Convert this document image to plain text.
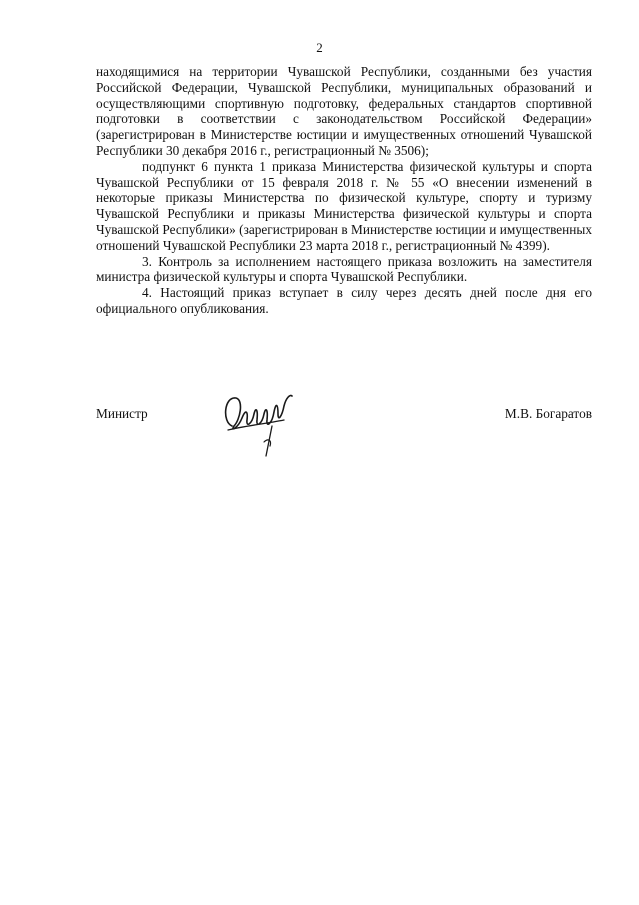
2

находящимися на территории Чувашской Республики, созданными без участия Российской Федерации, Чувашской Республики, муниципальных образований и осуществляющими спортивную подготовку, федеральных стандартов спортивной подготовки в соответствии с законодательством Российской Федерации» (зарегистрирован в Министерстве юстиции и имущественных отношений Чувашской Республики 30 декабря 2016 г., регистрационный № 3506);

подпункт 6 пункта 1 приказа Министерства физической культуры и спорта Чувашской Республики от 15 февраля 2018 г. № 55 «О внесении изменений в некоторые приказы Министерства по физической культуре, спорту и туризму Чувашской Республики и приказы Министерства физической культуры и спорта Чувашской Республики» (зарегистрирован в Министерстве юстиции и имущественных отношений Чувашской Республики 23 марта 2018 г., регистрационный № 4399).

3. Контроль за исполнением настоящего приказа возложить на заместителя министра физической культуры и спорта Чувашской Республики.

4. Настоящий приказ вступает в силу через десять дней после дня его официального опубликования.

Министр	М.В. Богаратов
